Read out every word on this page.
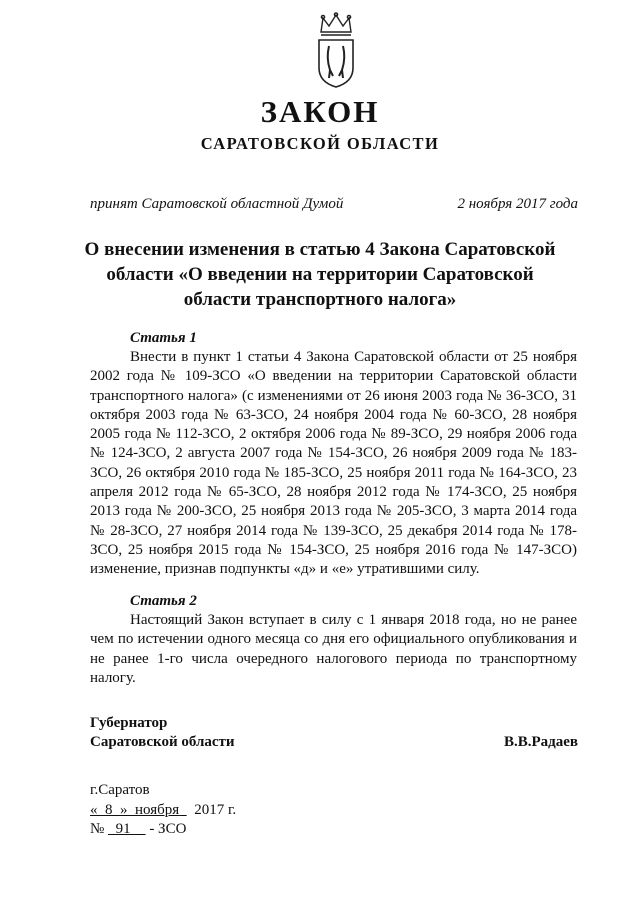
ЗАКОН
САРАТОВСКОЙ ОБЛАСТИ
принят Саратовской областной Думой	2 ноября 2017 года
О внесении изменения в статью 4 Закона Саратовской области «О введении на территории Саратовской области транспортного налога»
Статья 1

Внести в пункт 1 статьи 4 Закона Саратовской области от 25 ноября 2002 года № 109-ЗСО «О введении на территории Саратовской области транспортного налога» (с изменениями от 26 июня 2003 года № 36-ЗСО, 31 октября 2003 года № 63-ЗСО, 24 ноября 2004 года № 60-ЗСО, 28 ноября 2005 года № 112-ЗСО, 2 октября 2006 года № 89-ЗСО, 29 ноября 2006 года № 124-ЗСО, 2 августа 2007 года № 154-ЗСО, 26 ноября 2009 года № 183-ЗСО, 26 октября 2010 года № 185-ЗСО, 25 ноября 2011 года № 164-ЗСО, 23 апреля 2012 года № 65-ЗСО, 28 ноября 2012 года № 174-ЗСО, 25 ноября 2013 года № 200-ЗСО, 25 ноября 2013 года № 205-ЗСО, 3 марта 2014 года № 28-ЗСО, 27 ноября 2014 года № 139-ЗСО, 25 декабря 2014 года № 178-ЗСО, 25 ноября 2015 года № 154-ЗСО, 25 ноября 2016 года № 147-ЗСО) изменение, признав подпункты «д» и «е» утратившими силу.

Статья 2

Настоящий Закон вступает в силу с 1 января 2018 года, но не ранее чем по истечении одного месяца со дня его официального опубликования и не ранее 1-го числа очередного налогового периода по транспортному налогу.

Губернатор
Саратовской области	В.В.Радаев
г.Саратов
« 8 » ноября 2017 г.
№ 91 - ЗСО
